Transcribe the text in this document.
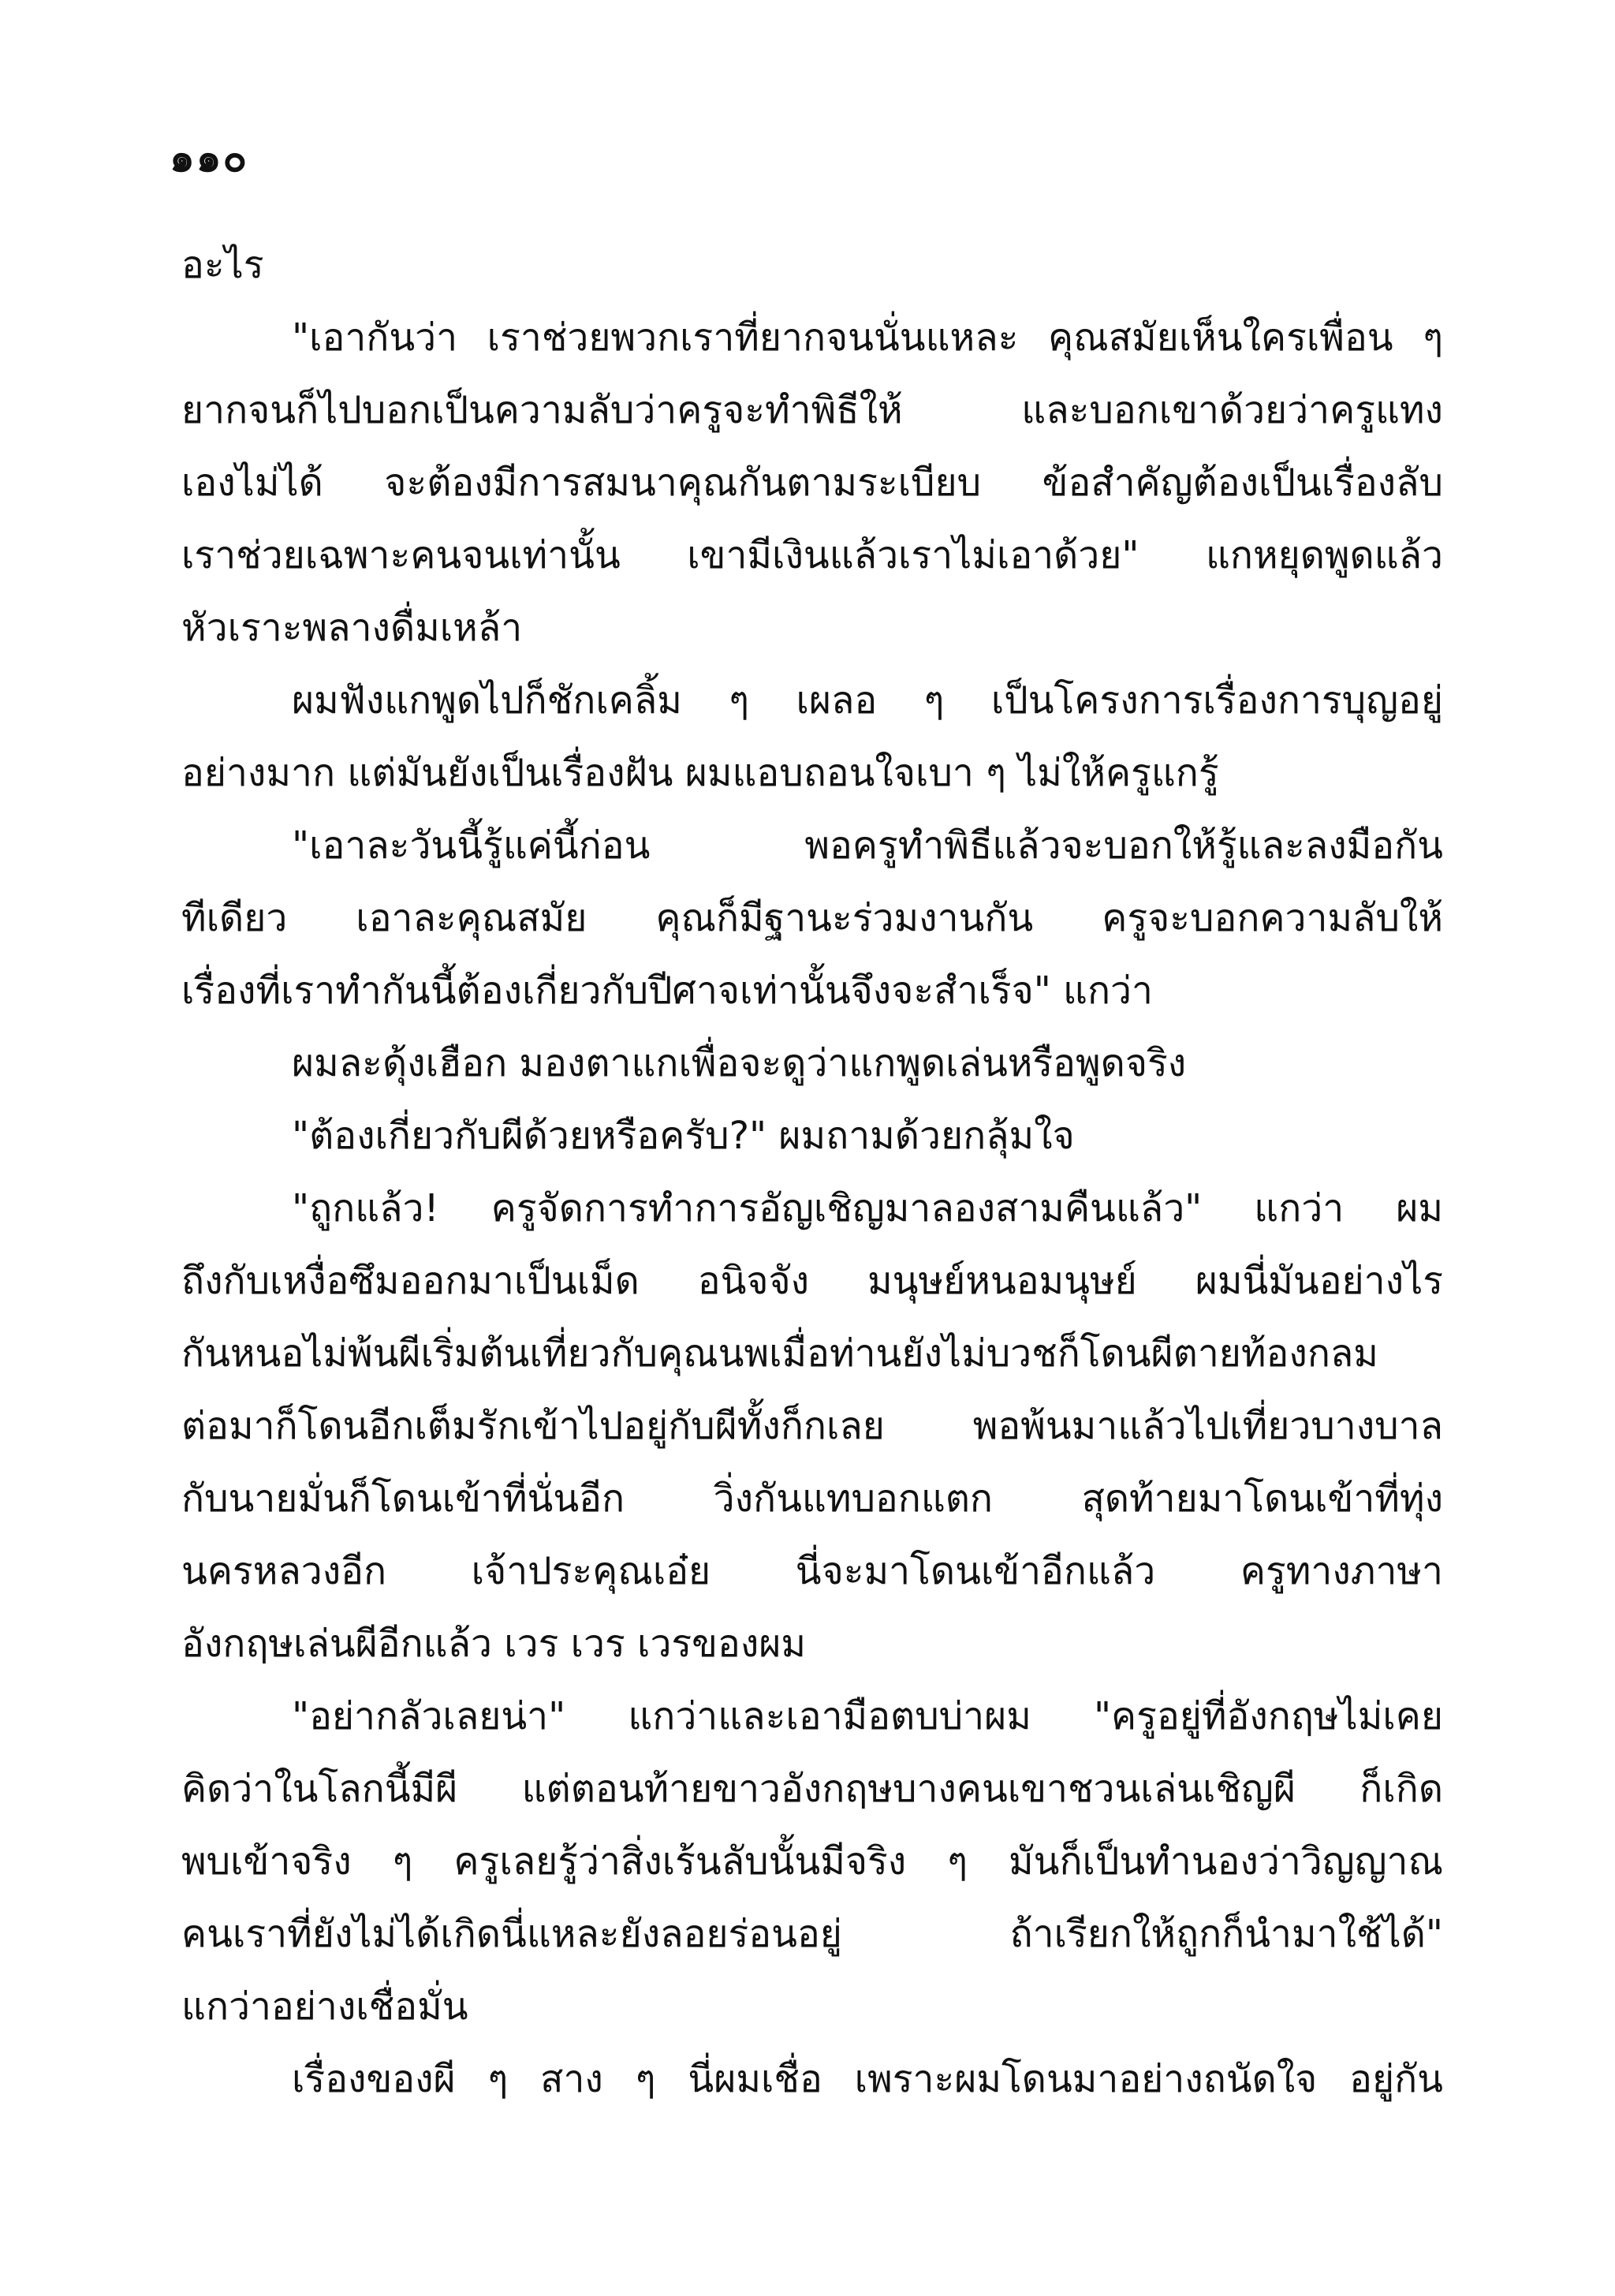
๑๑๐
อะไร
"เอากันว่า เราช่วยพวกเราที่ยากจนนั่นแหละ คุณสมัยเห็นใครเพื่อน ๆ
ยากจนก็ไปบอกเป็นความลับว่าครูจะทำพิธีให้ และบอกเขาด้วยว่าครูแทง
เองไม่ได้ จะต้องมีการสมนาคุณกันตามระเบียบ ข้อสำคัญต้องเป็นเรื่องลับ
เราช่วยเฉพาะคนจนเท่านั้น เขามีเงินแล้วเราไม่เอาด้วย" แกหยุดพูดแล้ว
หัวเราะพลางดื่มเหล้า
ผมฟังแกพูดไปก็ชักเคลิ้ม ๆ เผลอ ๆ เป็นโครงการเรื่องการบุญอยู่
อย่างมาก แต่มันยังเป็นเรื่องฝัน ผมแอบถอนใจเบา ๆ ไม่ให้ครูแกรู้
"เอาละวันนี้รู้แค่นี้ก่อน พอครูทำพิธีแล้วจะบอกให้รู้และลงมือกัน
ทีเดียว เอาละคุณสมัย คุณก็มีฐานะร่วมงานกัน ครูจะบอกความลับให้
เรื่องที่เราทำกันนี้ต้องเกี่ยวกับปีศาจเท่านั้นจึงจะสำเร็จ" แกว่า
ผมละดุ้งเฮือก มองตาแกเพื่อจะดูว่าแกพูดเล่นหรือพูดจริง
"ต้องเกี่ยวกับผีด้วยหรือครับ?" ผมถามด้วยกลุ้มใจ
"ถูกแล้ว! ครูจัดการทำการอัญเชิญมาลองสามคืนแล้ว" แกว่า ผม
ถึงกับเหงื่อซึมออกมาเป็นเม็ด อนิจจัง มนุษย์หนอมนุษย์ ผมนี่มันอย่างไร
กันหนอไม่พ้นผีเริ่มต้นเที่ยวกับคุณนพเมื่อท่านยังไม่บวชก็โดนผีตายท้องกลม
ต่อมาก็โดนอีกเต็มรักเข้าไปอยู่กับผีทั้งก็กเลย พอพ้นมาแล้วไปเที่ยวบางบาล
กับนายมั่นก็โดนเข้าที่นั่นอีก วิ่งกันแทบอกแตก สุดท้ายมาโดนเข้าที่ทุ่ง
นครหลวงอีก เจ้าประคุณเอ๋ย นี่จะมาโดนเข้าอีกแล้ว ครูทางภาษา
อังกฤษเล่นผีอีกแล้ว เวร เวร เวรของผม
"อย่ากลัวเลยน่า" แกว่าและเอามือตบบ่าผม "ครูอยู่ที่อังกฤษไม่เคย
คิดว่าในโลกนี้มีผี แต่ตอนท้ายขาวอังกฤษบางคนเขาชวนเล่นเชิญผี ก็เกิด
พบเข้าจริง ๆ ครูเลยรู้ว่าสิ่งเร้นลับนั้นมีจริง ๆ มันก็เป็นทำนองว่าวิญญาณ
คนเราที่ยังไม่ได้เกิดนี่แหละยังลอยร่อนอยู่ ถ้าเรียกให้ถูกก็นำมาใช้ได้"
แกว่าอย่างเชื่อมั่น
เรื่องของผี ๆ สาง ๆ นี่ผมเชื่อ เพราะผมโดนมาอย่างถนัดใจ อยู่กัน
